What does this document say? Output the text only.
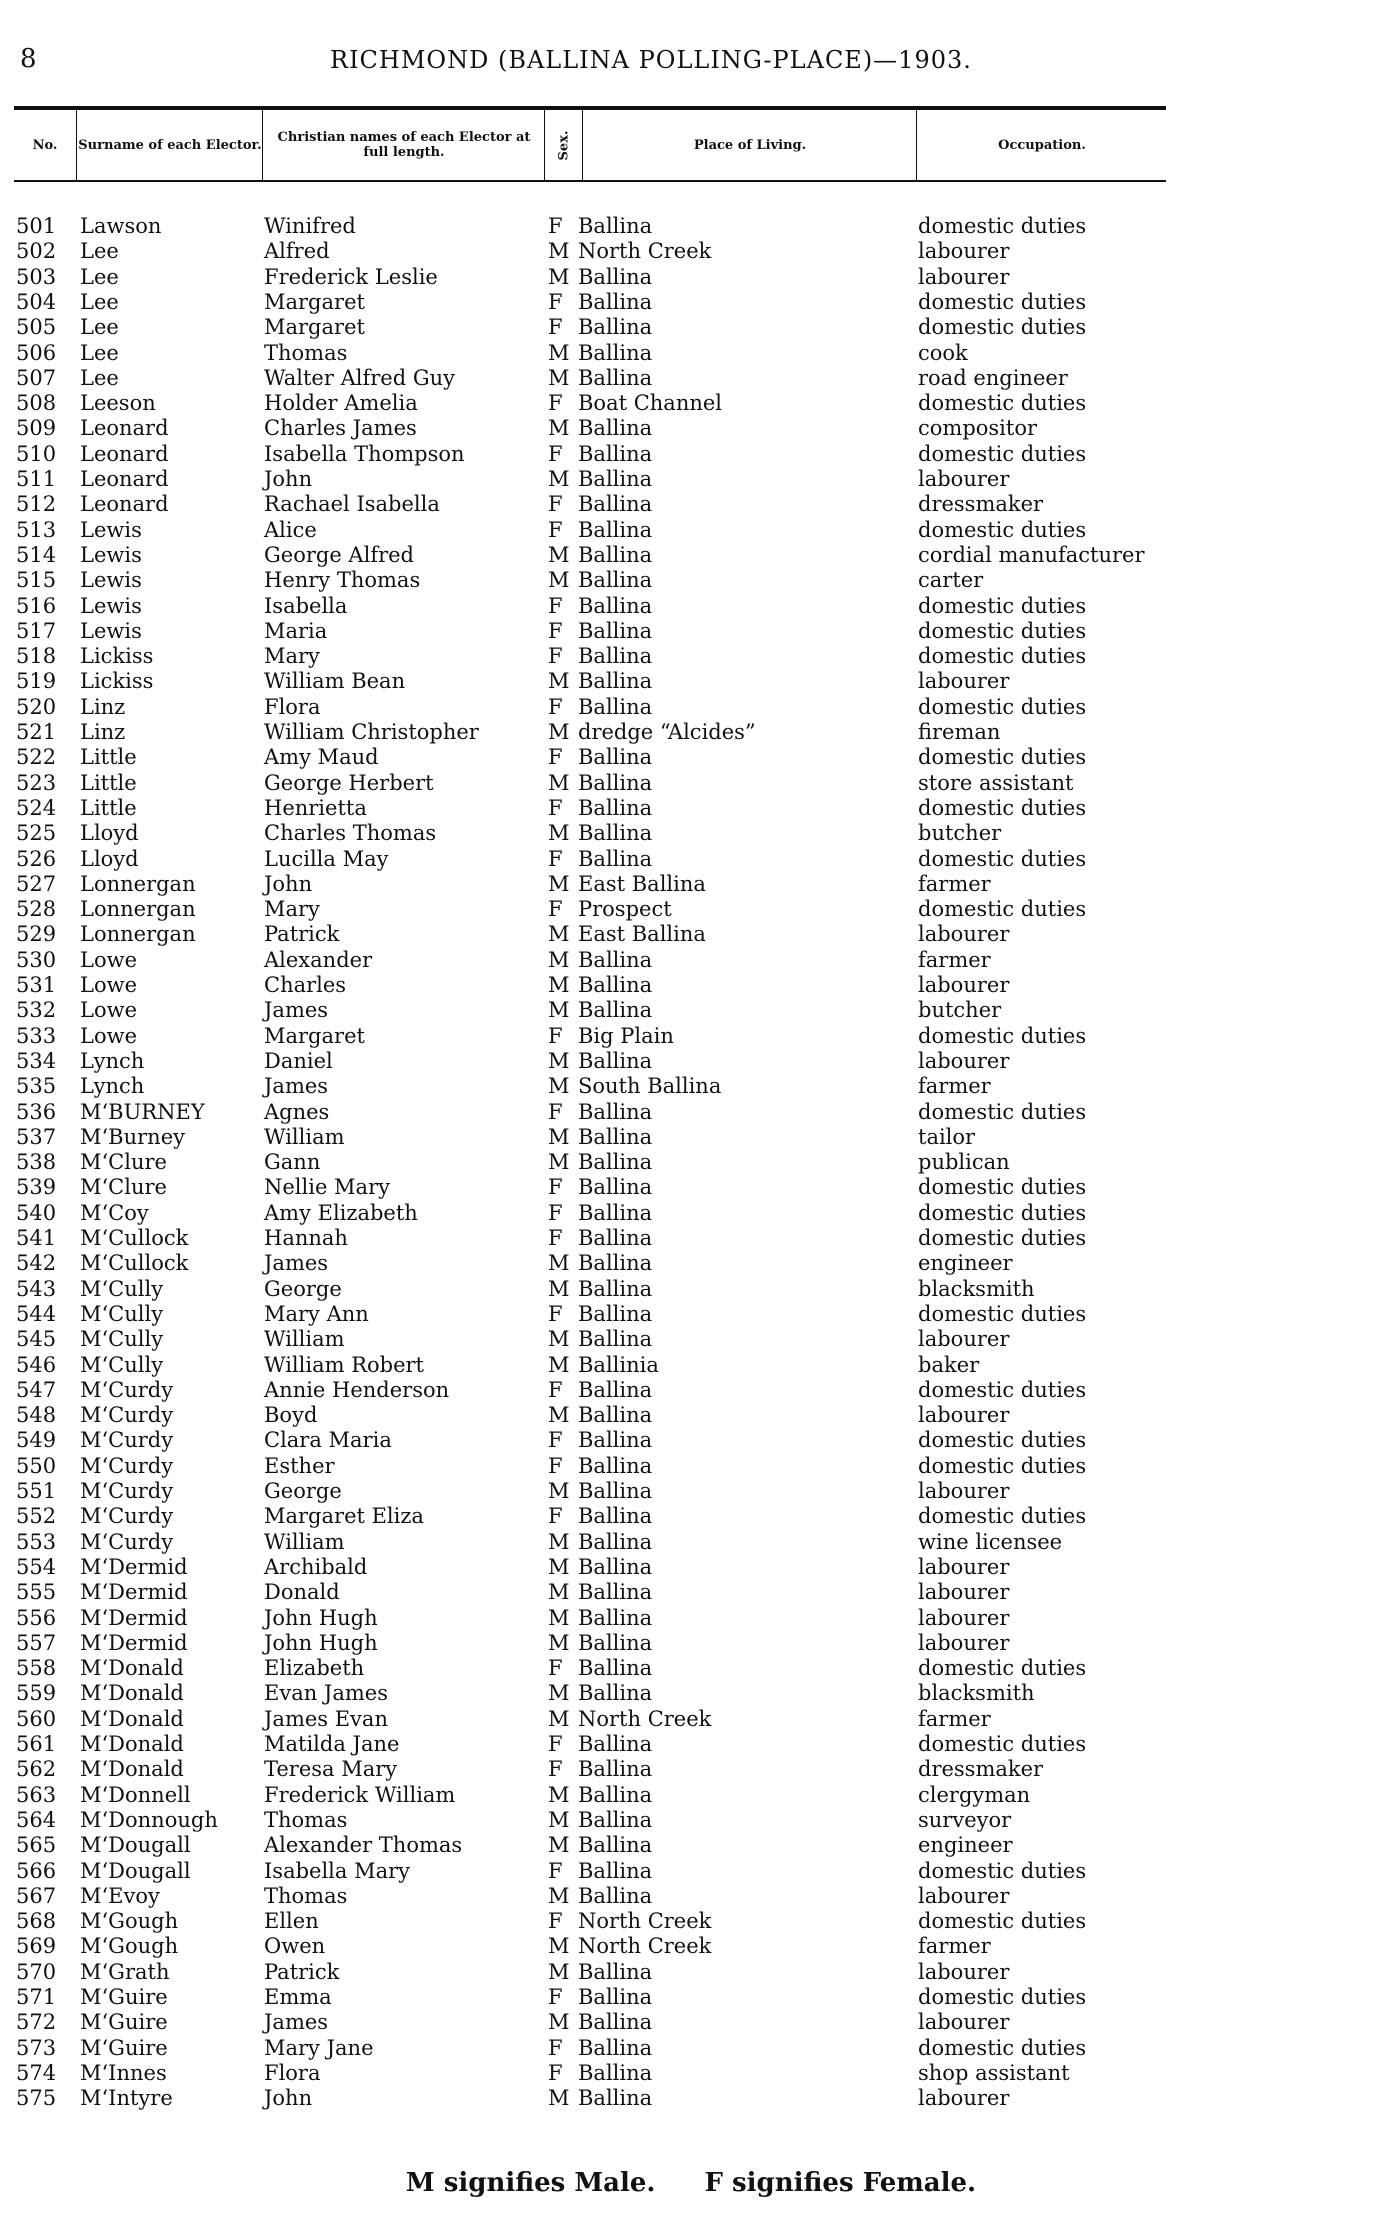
8	RICHMOND (BALLINA POLLING-PLACE)—1903.
No.	Surname of each Elector.	Christian names of each Elector at full length.	Sex.	Place of Living.	Occupation.
501	Lawson	Winifred	F Ballina	domestic duties
502	Lee	Alfred	M North Creek	labourer
503	Lee	Frederick Leslie	M Ballina	labourer
504	Lee	Margaret	F Ballina	domestic duties
505	Lee	Margaret	F Ballina	domestic duties
506	Lee	Thomas	M Ballina	cook
507	Lee	Walter Alfred Guy	M Ballina	road engineer
508	Leeson	Holder Amelia	F Boat Channel	domestic duties
509	Leonard	Charles James	M Ballina	compositor
510	Leonard	Isabella Thompson	F Ballina	domestic duties
511	Leonard	John	M Ballina	labourer
512	Leonard	Rachael Isabella	F Ballina	dressmaker
513	Lewis	Alice	F Ballina	domestic duties
514	Lewis	George Alfred	M Ballina	cordial manufacturer
515	Lewis	Henry Thomas	M Ballina	carter
516	Lewis	Isabella	F Ballina	domestic duties
517	Lewis	Maria	F Ballina	domestic duties
518	Lickiss	Mary	F Ballina	domestic duties
519	Lickiss	William Bean	M Ballina	labourer
520	Linz	Flora	F Ballina	domestic duties
521	Linz	William Christopher	M dredge “Alcides”	fireman
522	Little	Amy Maud	F Ballina	domestic duties
523	Little	George Herbert	M Ballina	store assistant
524	Little	Henrietta	F Ballina	domestic duties
525	Lloyd	Charles Thomas	M Ballina	butcher
526	Lloyd	Lucilla May	F Ballina	domestic duties
527	Lonnergan	John	M East Ballina	farmer
528	Lonnergan	Mary	F Prospect	domestic duties
529	Lonnergan	Patrick	M East Ballina	labourer
530	Lowe	Alexander	M Ballina	farmer
531	Lowe	Charles	M Ballina	labourer
532	Lowe	James	M Ballina	butcher
533	Lowe	Margaret	F Big Plain	domestic duties
534	Lynch	Daniel	M Ballina	labourer
535	Lynch	James	M South Ballina	farmer
536	M‘BURNEY	Agnes	F Ballina	domestic duties
537	M‘Burney	William	M Ballina	tailor
538	M‘Clure	Gann	M Ballina	publican
539	M‘Clure	Nellie Mary	F Ballina	domestic duties
540	M‘Coy	Amy Elizabeth	F Ballina	domestic duties
541	M‘Cullock	Hannah	F Ballina	domestic duties
542	M‘Cullock	James	M Ballina	engineer
543	M‘Cully	George	M Ballina	blacksmith
544	M‘Cully	Mary Ann	F Ballina	domestic duties
545	M‘Cully	William	M Ballina	labourer
546	M‘Cully	William Robert	M Ballinia	baker
547	M‘Curdy	Annie Henderson	F Ballina	domestic duties
548	M‘Curdy	Boyd	M Ballina	labourer
549	M‘Curdy	Clara Maria	F Ballina	domestic duties
550	M‘Curdy	Esther	F Ballina	domestic duties
551	M‘Curdy	George	M Ballina	labourer
552	M‘Curdy	Margaret Eliza	F Ballina	domestic duties
553	M‘Curdy	William	M Ballina	wine licensee
554	M‘Dermid	Archibald	M Ballina	labourer
555	M‘Dermid	Donald	M Ballina	labourer
556	M‘Dermid	John Hugh	M Ballina	labourer
557	M‘Dermid	John Hugh	M Ballina	labourer
558	M‘Donald	Elizabeth	F Ballina	domestic duties
559	M‘Donald	Evan James	M Ballina	blacksmith
560	M‘Donald	James Evan	M North Creek	farmer
561	M‘Donald	Matilda Jane	F Ballina	domestic duties
562	M‘Donald	Teresa Mary	F Ballina	dressmaker
563	M‘Donnell	Frederick William	M Ballina	clergyman
564	M‘Donnough	Thomas	M Ballina	surveyor
565	M‘Dougall	Alexander Thomas	M Ballina	engineer
566	M‘Dougall	Isabella Mary	F Ballina	domestic duties
567	M‘Evoy	Thomas	M Ballina	labourer
568	M‘Gough	Ellen	F North Creek	domestic duties
569	M‘Gough	Owen	M North Creek	farmer
570	M‘Grath	Patrick	M Ballina	labourer
571	M‘Guire	Emma	F Ballina	domestic duties
572	M‘Guire	James	M Ballina	labourer
573	M‘Guire	Mary Jane	F Ballina	domestic duties
574	M‘Innes	Flora	F Ballina	shop assistant
575	M‘Intyre	John	M Ballina	labourer
M signifies Male. F signifies Female.
